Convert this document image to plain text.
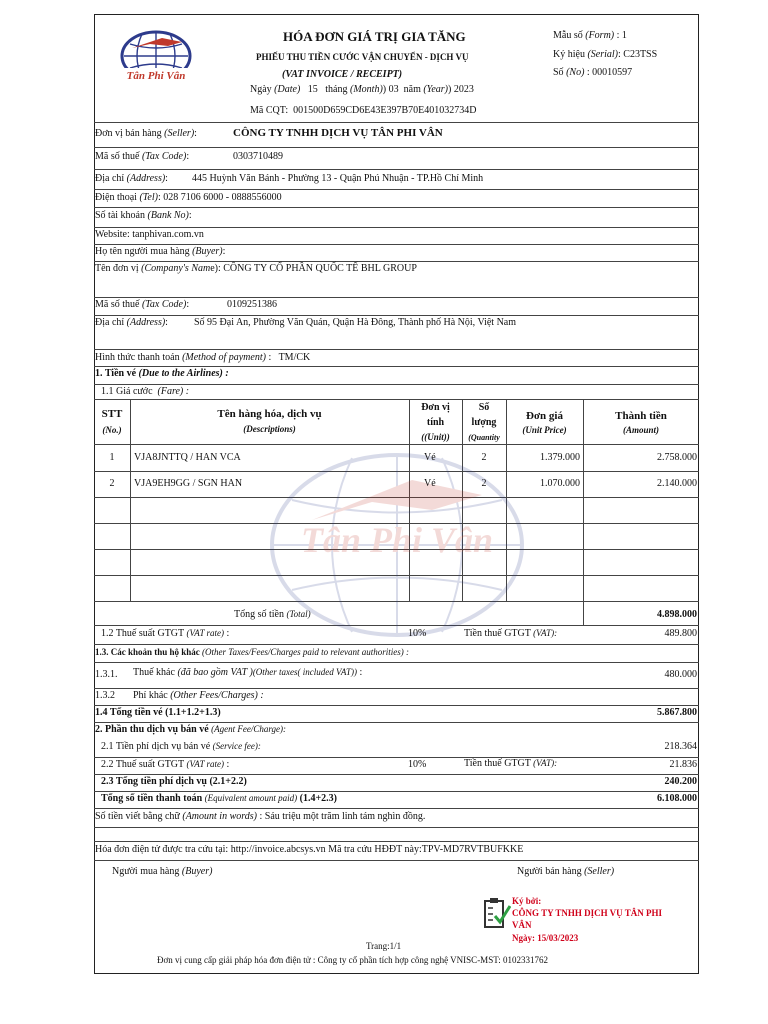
Tân Phi Vân
HÓA ĐƠN GIÁ TRỊ GIA TĂNG
PHIẾU THU TIỀN CƯỚC VẬN CHUYỂN - DỊCH VỤ
(VAT INVOICE / RECEIPT)
Ngày (Date) 15 tháng (Month)) 03 năm (Year)) 2023
Mã CQT: 001500D659CD6E43E397B70E401032734D
Mẫu số (Form) : 1
Ký hiệu (Serial): C23TSS
Số (No) : 00010597
Đơn vị bán hàng (Seller):	CÔNG TY TNHH DỊCH VỤ TÂN PHI VÂN
Mã số thuế (Tax Code):	0303710489
Địa chỉ (Address): 445 Huỳnh Văn Bánh - Phường 13 - Quận Phú Nhuận - TP.Hồ Chí Minh
Điện thoại (Tel): 028 7106 6000 - 0888556000
Số tài khoản (Bank No):
Website: tanphivan.com.vn
Họ tên người mua hàng (Buyer):
Tên đơn vị (Company's Name): CÔNG TY CỔ PHẦN QUỐC TẾ BHL GROUP
Mã số thuế (Tax Code):	0109251386
Địa chỉ (Address):	Số 95 Đại An, Phường Văn Quán, Quận Hà Đông, Thành phố Hà Nội, Việt Nam
Hình thức thanh toán (Method of payment) :   TM/CK
1. Tiền vé (Due to the Airlines) :
1.1 Giá cước (Fare) :
Tân Phi Vân
STT
(No.)
Tên hàng hóa, dịch vụ
(Descriptions)
Đơn vị
tính
((Unit))
Số
lượng
(Quantity
Đơn giá
(Unit Price)
Thành tiền
(Amount)
1	VJA8JNTTQ / HAN VCA	Vé	2	1.379.000	2.758.000
2	VJA9EH9GG / SGN HAN	Vé	2	1.070.000	2.140.000
Tổng số tiền (Total)	4.898.000
1.2 Thuế suất GTGT (VAT rate) :	10%	Tiền thuế GTGT (VAT):	489.800
1.3. Các khoản thu hộ khác (Other Taxes/Fees/Charges paid to relevant authorities) :
1.3.1. Thuế khác (đã bao gồm VAT )(Other taxes( included VAT)) :	480.000
1.3.2 Phí khác (Other Fees/Charges) :
1.4 Tổng tiền vé (1.1+1.2+1.3)	5.867.800
2. Phần thu dịch vụ bán vé (Agent Fee/Charge):
2.1 Tiền phí dịch vụ bán vé (Service fee):	218.364
2.2 Thuế suất GTGT (VAT rate) :	10%	Tiền thuế GTGT (VAT):	21.836
2.3 Tổng tiền phí dịch vụ (2.1+2.2)	240.200
Tổng số tiền thanh toán (Equivalent amount paid) (1.4+2.3)	6.108.000
Số tiền viết bằng chữ (Amount in words) : Sáu triệu một trăm linh tám nghìn đồng.
Hóa đơn điện tử được tra cứu tại: http://invoice.abcsys.vn Mã tra cứu HĐĐT này:TPV-MD7RVTBUFKKE
Người mua hàng (Buyer)	Người bán hàng (Seller)
Ký bởi:
CÔNG TY TNHH DỊCH VỤ TÂN PHI
VÂN
Ngày: 15/03/2023
Trang:1/1
Đơn vị cung cấp giải pháp hóa đơn điện tử : Công ty cổ phần tích hợp công nghệ VNISC-MST: 0102331762
